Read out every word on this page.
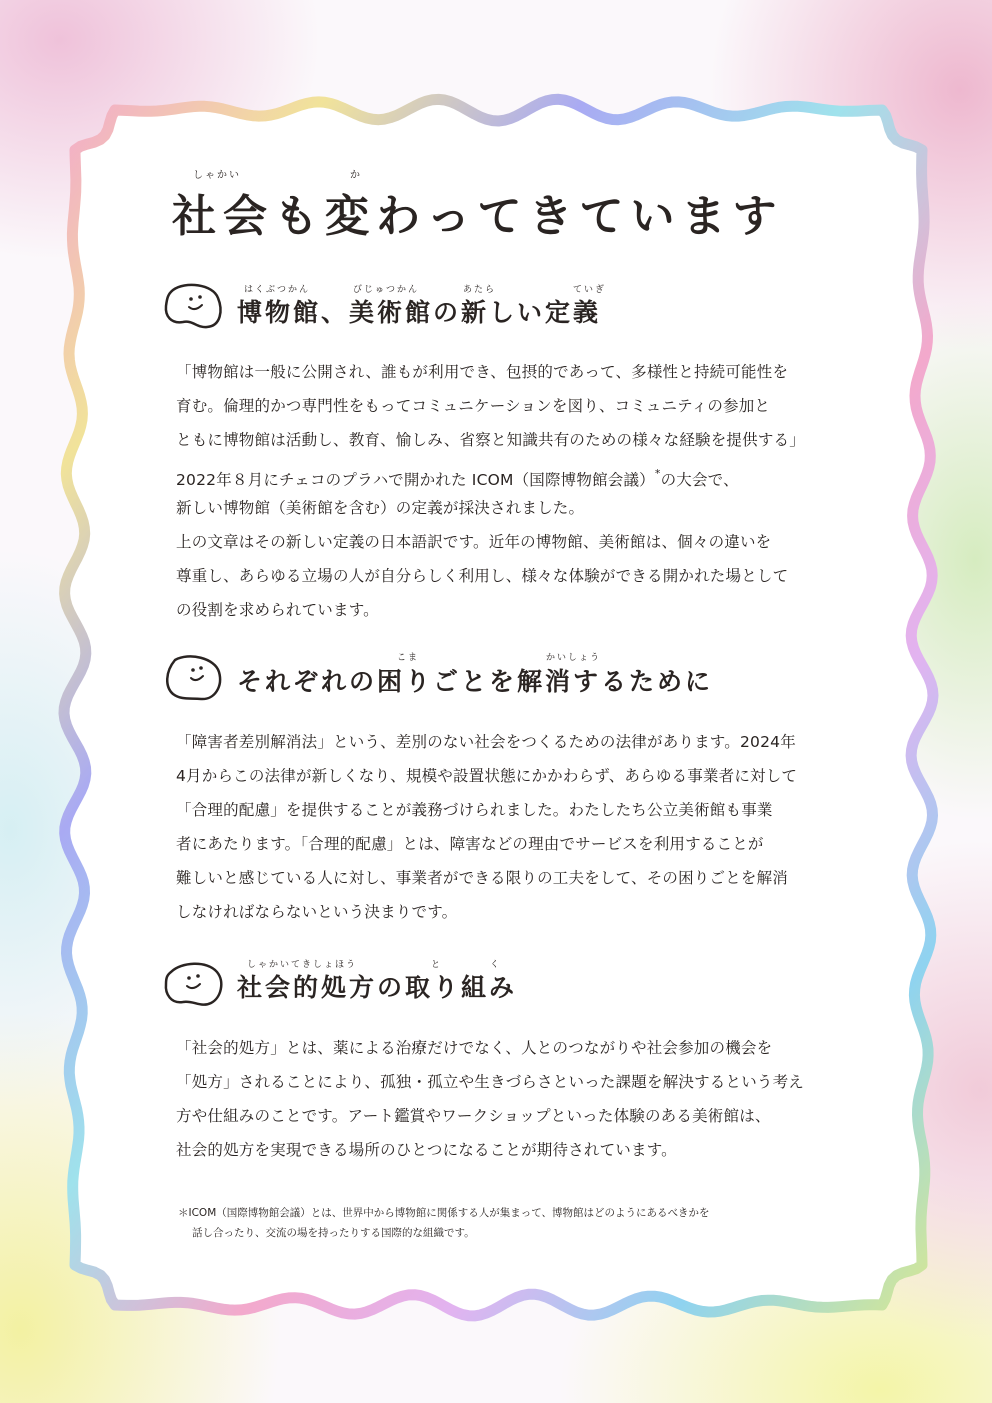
しゃかい	か
社会も変わってきています
はくぶつかん	びじゅつかん	あたら	ていぎ
博物館、美術館の新しい定義

「博物館は一般に公開され、誰もが利用でき、包摂的であって、多様性と持続可能性を
育む。倫理的かつ専門性をもってコミュニケーションを図り、コミュニティの参加と
ともに博物館は活動し、教育、愉しみ、省察と知識共有のための様々な経験を提供する」
2022年８月にチェコのプラハで開かれた ICOM（国際博物館会議）*の大会で、
新しい博物館（美術館を含む）の定義が採決されました。
上の文章はその新しい定義の日本語訳です。近年の博物館、美術館は、個々の違いを
尊重し、あらゆる立場の人が自分らしく利用し、様々な体験ができる開かれた場として
の役割を求められています。

こま	かいしょう
それぞれの困りごとを解消するために

「障害者差別解消法」という、差別のない社会をつくるための法律があります。2024年
4月からこの法律が新しくなり、規模や設置状態にかかわらず、あらゆる事業者に対して
「合理的配慮」を提供することが義務づけられました。わたしたち公立美術館も事業
者にあたります。「合理的配慮」とは、障害などの理由でサービスを利用することが
難しいと感じている人に対し、事業者ができる限りの工夫をして、その困りごとを解消
しなければならないという決まりです。

しゃかいてきしょほう	と	く
社会的処方の取り組み

「社会的処方」とは、薬による治療だけでなく、人とのつながりや社会参加の機会を
「処方」されることにより、孤独・孤立や生きづらさといった課題を解決するという考え
方や仕組みのことです。アート鑑賞やワークショップといった体験のある美術館は、
社会的処方を実現できる場所のひとつになることが期待されています。

＊ICOM（国際博物館会議）とは、世界中から博物館に関係する人が集まって、博物館はどのようにあるべきかを
話し合ったり、交流の場を持ったりする国際的な組織です。
